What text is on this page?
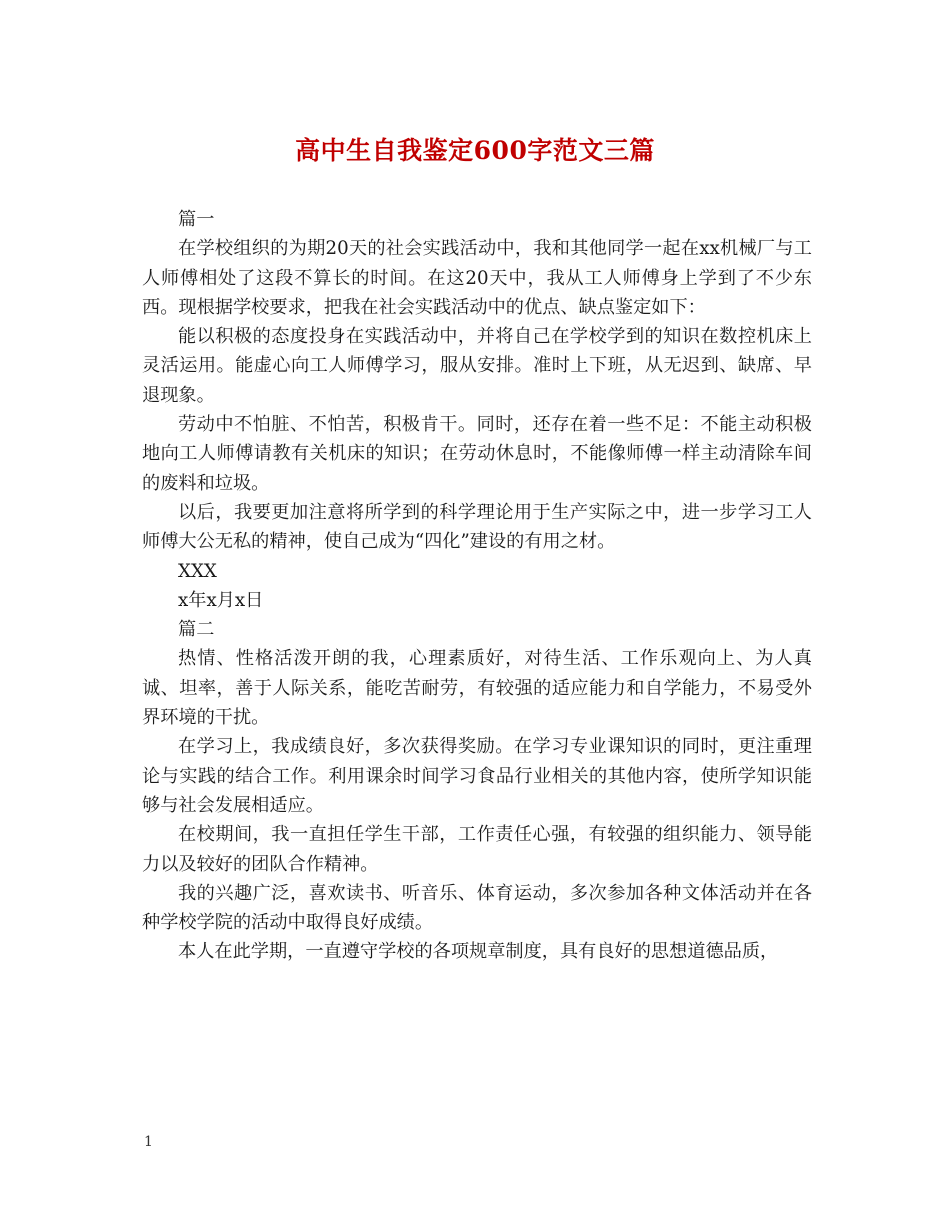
高中生自我鉴定600字范文三篇

篇一

在学校组织的为期20天的社会实践活动中，我和其他同学一起在xx机械厂与工人师傅相处了这段不算长的时间。在这20天中，我从工人师傅身上学到了不少东西。现根据学校要求，把我在社会实践活动中的优点、缺点鉴定如下：

能以积极的态度投身在实践活动中，并将自己在学校学到的知识在数控机床上灵活运用。能虚心向工人师傅学习，服从安排。准时上下班，从无迟到、缺席、早退现象。

劳动中不怕脏、不怕苦，积极肯干。同时，还存在着一些不足：不能主动积极地向工人师傅请教有关机床的知识；在劳动休息时，不能像师傅一样主动清除车间的废料和垃圾。

以后，我要更加注意将所学到的科学理论用于生产实际之中，进一步学习工人师傅大公无私的精神，使自己成为“四化”建设的有用之材。

XXX

x年x月x日

篇二

热情、性格活泼开朗的我，心理素质好，对待生活、工作乐观向上、为人真诚、坦率，善于人际关系，能吃苦耐劳，有较强的适应能力和自学能力，不易受外界环境的干扰。

在学习上，我成绩良好，多次获得奖励。在学习专业课知识的同时，更注重理论与实践的结合工作。利用课余时间学习食品行业相关的其他内容，使所学知识能够与社会发展相适应。

在校期间，我一直担任学生干部，工作责任心强，有较强的组织能力、领导能力以及较好的团队合作精神。

我的兴趣广泛，喜欢读书、听音乐、体育运动，多次参加各种文体活动并在各种学校学院的活动中取得良好成绩。

本人在此学期，一直遵守学校的各项规章制度，具有良好的思想道德品质，

1
